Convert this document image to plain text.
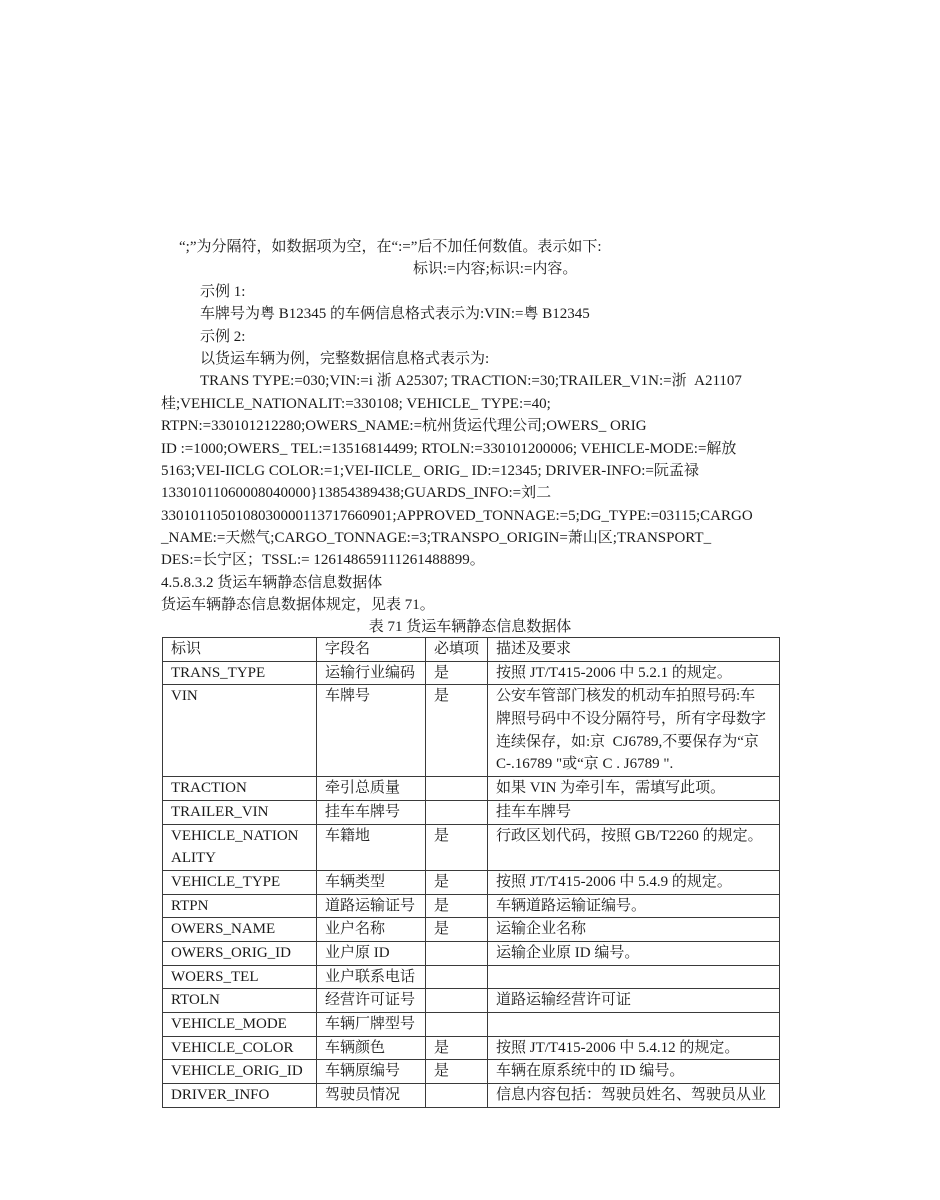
“;”为分隔符，如数据项为空，在“:=”后不加任何数值。表示如下:
标识:=内容;标识:=内容。
示例 1:
车牌号为粤 B12345 的车俩信息格式表示为:VIN:=粤 B12345
示例 2:
以货运车辆为例，完整数据信息格式表示为:
TRANS TYPE:=030;VIN:=i 浙 A25307; TRACTION:=30;TRAILER_V1N:=浙  A21107
桂;VEHICLE_NATIONALIT:=330108; VEHICLE_ TYPE:=40;
RTPN:=330101212280;OWERS_NAME:=杭州货运代理公司;OWERS_ ORIG
ID :=1000;OWERS_ TEL:=13516814499; RTOLN:=330101200006; VEHICLE-MODE:=解放
5163;VEI-IICLG COLOR:=1;VEI-IICLE_ ORIG_ ID:=12345; DRIVER-INFO:=阮孟禄
13301011060008040000}13854389438;GUARDS_INFO:=刘二
3301011050108030000113717660901;APPROVED_TONNAGE:=5;DG_TYPE:=03115;CARGO
_NAME:=天燃气;CARGO_TONNAGE:=3;TRANSPO_ORIGIN=萧山区;TRANSPORT_
DES:=长宁区；TSSL:= 126148659111261488899。
4.5.8.3.2 货运车辆静态信息数据体
货运车辆静态信息数据体规定，见表 71。
表 71 货运车辆静态信息数据体
标识	字段名	必填项	描述及要求

TRANS_TYPE	运输行业编码	是	按照 JT/T415-2006 中 5.2.1 的规定。

VIN	车牌号	是	公安车管部门核发的机动车拍照号码:车
牌照号码中不设分隔符号，所有字母数字
连续保存，如:京  CJ6789,不要保存为“京
C-.16789 "或“京 C . J6789 ".

TRACTION	牵引总质量		如果 VIN 为牵引车，需填写此项。

TRAILER_VIN	挂车车牌号		挂车车牌号

VEHICLE_NATION
ALITY	车籍地	是	行政区划代码，按照 GB/T2260 的规定。

VEHICLE_TYPE	车辆类型	是	按照 JT/T415-2006 中 5.4.9 的规定。

RTPN	道路运输证号	是	车辆道路运输证编号。

OWERS_NAME	业户名称	是	运输企业名称

OWERS_ORIG_ID	业户原 ID		运输企业原 ID 编号。

WOERS_TEL	业户联系电话		

RTOLN	经营许可证号		道路运输经营许可证

VEHICLE_MODE	车辆厂牌型号		

VEHICLE_COLOR	车辆颜色	是	按照 JT/T415-2006 中 5.4.12 的规定。

VEHICLE_ORIG_ID	车辆原编号	是	车辆在原系统中的 ID 编号。

DRIVER_INFO	驾驶员情况		信息内容包括：驾驶员姓名、驾驶员从业
